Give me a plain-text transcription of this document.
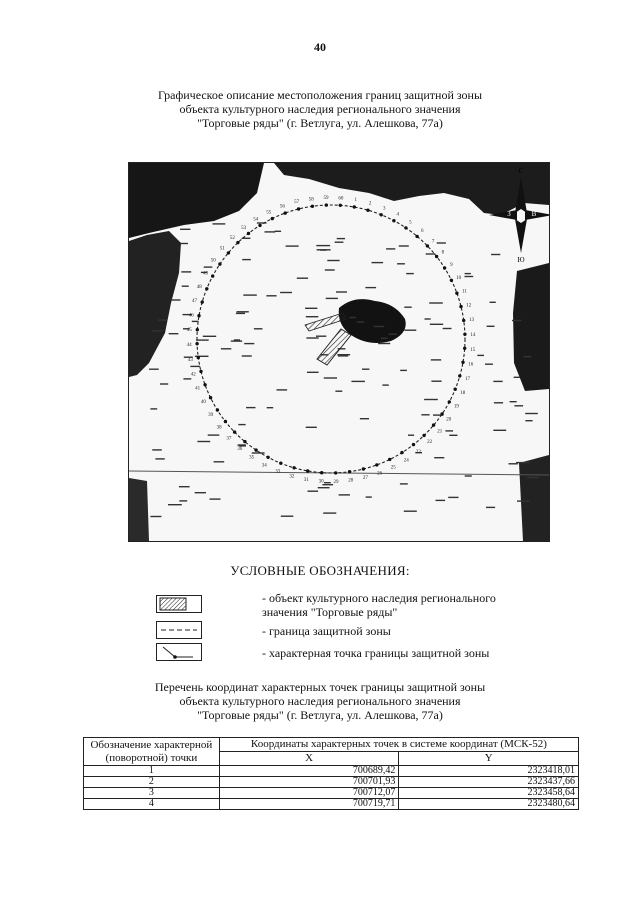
40
Графическое описание местоположения границ защитной зоны
объекта культурного наследия регионального значения
"Торговые ряды" (г. Ветлуга, ул. Алешкова, 77а)
1
2
3
4
5
6
7
8
9
10
11
12
13
14
15
16
17
18
19
20
21
22
23
24
25
26
27
28
29
30
31
32
33
34
35
36
37
38
39
40
41
42
43
44
45
46
47
48
49
50
51
52
53
54
55
56
57
58 59 60
С
Ю
З	В
УСЛОВНЫЕ ОБОЗНАЧЕНИЯ:
- объект культурного наследия регионального
значения "Торговые ряды"
- граница защитной зоны
- характерная точка границы защитной зоны
Перечень координат характерных точек границы защитной зоны
объекта культурного наследия регионального значения
"Торговые ряды" (г. Ветлуга, ул. Алешкова, 77а)
Обозначение характерной (поворотной) точки	Координаты характерных точек в системе координат (МСК-52)	
	X	Y
1	700689,42	2323418,01
2	700701,93	2323437,66
3	700712,07	2323458,64
4	700719,71	2323480,64
